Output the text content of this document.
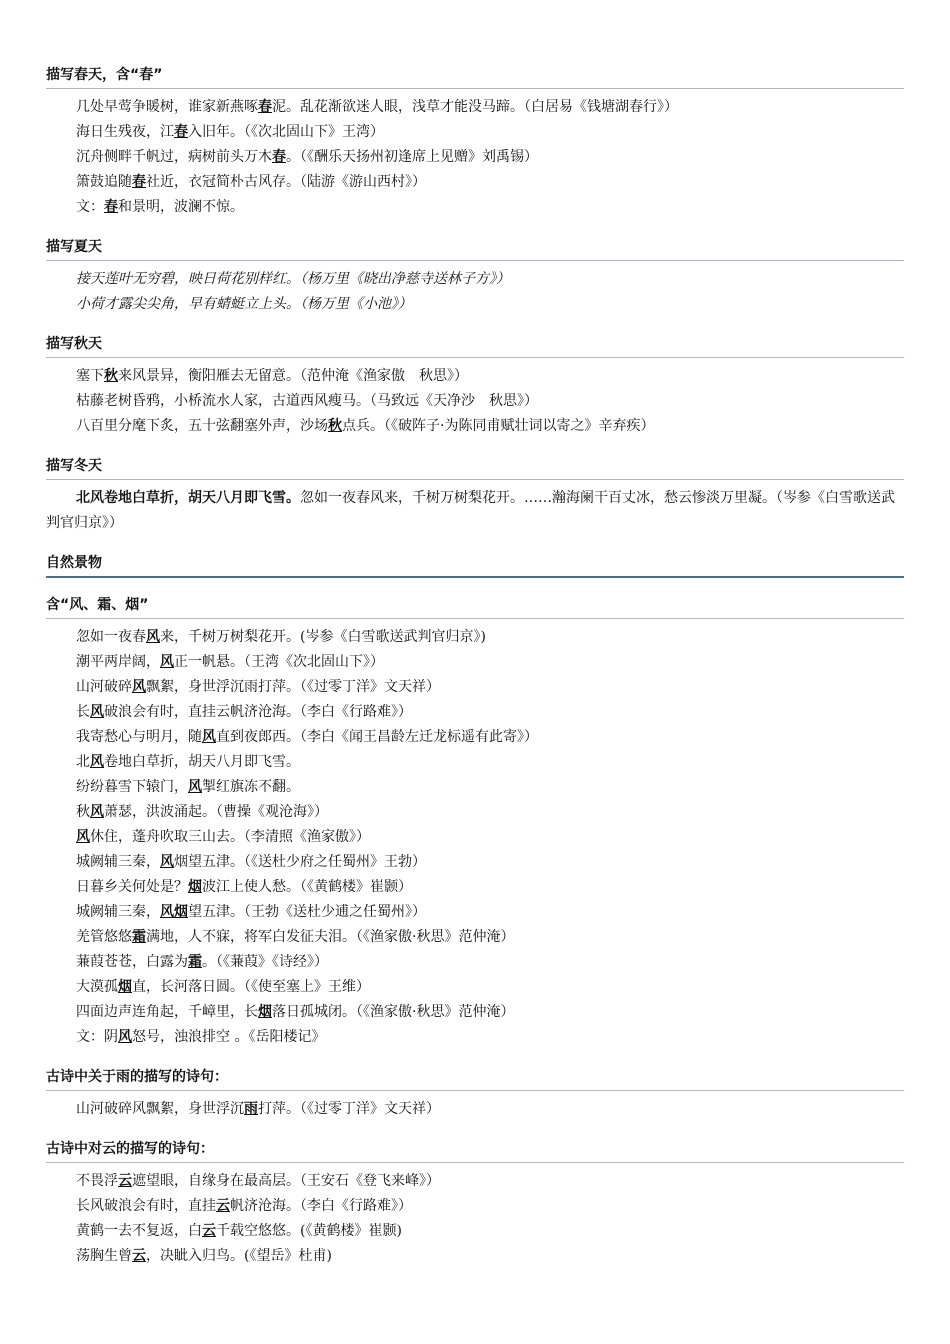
描写春天，含“春”
几处早莺争暖树，谁家新燕啄春泥。乱花渐欲迷人眼，浅草才能没马蹄。（白居易《钱塘湖春行》）
海日生残夜，江春入旧年。（《次北固山下》王湾）
沉舟侧畔千帆过，病树前头万木春。（《酬乐天扬州初逢席上见赠》刘禹锡）
箫鼓追随春社近，衣冠简朴古风存。（陆游《游山西村》）
文：春和景明，波澜不惊。
描写夏天
接天莲叶无穷碧，映日荷花别样红。（杨万里《晓出净慈寺送林子方》）
小荷才露尖尖角，早有蜻蜓立上头。（杨万里《小池》）
描写秋天
塞下秋来风景异，衡阳雁去无留意。（范仲淹《渔家傲　秋思》）
枯藤老树昏鸦，小桥流水人家，古道西风瘦马。（马致远《天净沙　秋思》）
八百里分麾下炙，五十弦翻塞外声，沙场秋点兵。（《破阵子·为陈同甫赋壮词以寄之》辛弃疾）
描写冬天

北风卷地白草折，胡天八月即飞雪。忽如一夜春风来，千树万树梨花开。……瀚海阑干百丈冰，愁云惨淡万里凝。（岑参《白雪歌送武判官归京》）

自然景物
含“风、霜、烟”
忽如一夜春风来，千树万树梨花开。(岑参《白雪歌送武判官归京》)
潮平两岸阔，风正一帆悬。（王湾《次北固山下》）
山河破碎风飘絮，身世浮沉雨打萍。（《过零丁洋》文天祥）
长风破浪会有时，直挂云帆济沧海。（李白《行路难》）
我寄愁心与明月，随风直到夜郎西。（李白《闻王昌龄左迁龙标遥有此寄》）
北风卷地白草折，胡天八月即飞雪。
纷纷暮雪下辕门，风掣红旗冻不翻。
秋风萧瑟，洪波涌起。（曹操《观沧海》）
风休住，蓬舟吹取三山去。（李清照《渔家傲》）
城阙辅三秦，风烟望五津。（《送杜少府之任蜀州》王勃）
日暮乡关何处是？烟波江上使人愁。（《黄鹤楼》崔颢）
城阙辅三秦，风烟望五津。（王勃《送杜少逋之任蜀州》）
羌管悠悠霜满地，人不寐，将军白发征夫泪。（《渔家傲·秋思》范仲淹）
蒹葭苍苍，白露为霜。（《蒹葭》《诗经》）
大漠孤烟直，长河落日圆。（《使至塞上》王维）
四面边声连角起，千嶂里，长烟落日孤城闭。（《渔家傲·秋思》范仲淹）
文：阴风怒号，浊浪排空 。《岳阳楼记》
古诗中关于雨的描写的诗句：
山河破碎风飘絮，身世浮沉雨打萍。（《过零丁洋》文天祥）
古诗中对云的描写的诗句：
不畏浮云遮望眼，自缘身在最高层。（王安石《登飞来峰》）
长风破浪会有时，直挂云帆济沧海。（李白《行路难》）
黄鹤一去不复返，白云千载空悠悠。(《黄鹤楼》崔颢)
荡胸生曾云，决眦入归鸟。(《望岳》杜甫)
